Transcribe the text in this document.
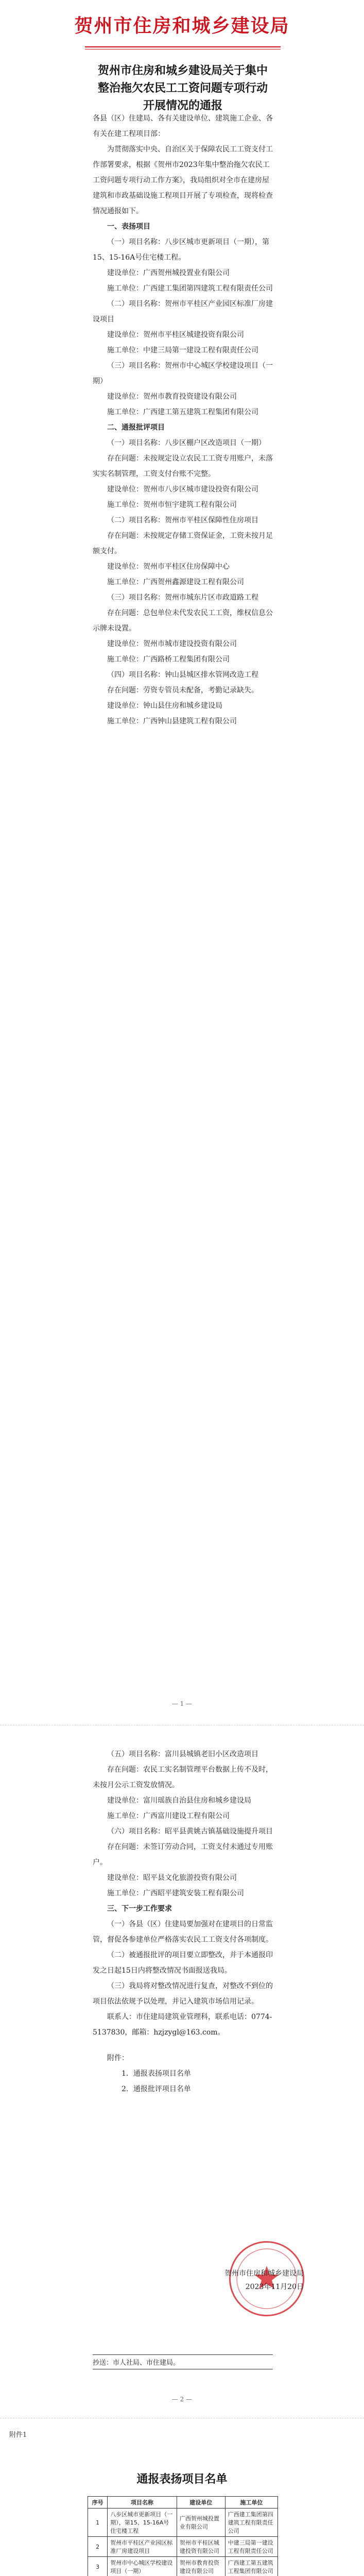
贺州市住房和城乡建设局
贺州市住房和城乡建设局关于集中整治拖欠农民工工资问题专项行动开展情况的通报

各县（区）住建局、各有关建设单位、建筑施工企业、各有关在建工程项目部：

为贯彻落实中央、自治区关于保障农民工工资支付工作部署要求，根据《贺州市2023年集中整治拖欠农民工工资问题专项行动工作方案》，我局组织对全市在建房屋建筑和市政基础设施工程项目开展了专项检查，现将检查情况通报如下。

一、表扬项目

（一）项目名称：八步区城市更新项目（一期），第15、15-16A号住宅楼工程。

建设单位：广西贺州城投置业有限公司

施工单位：广西建工集团第四建筑工程有限责任公司

（二）项目名称：贺州市平桂区产业园区标准厂房建设项目

建设单位：贺州市平桂区城建投资有限公司

施工单位：中建三局第一建设工程有限责任公司

（三）项目名称：贺州市中心城区学校建设项目（一期）

建设单位：贺州市教育投资建设有限公司

施工单位：广西建工第五建筑工程集团有限公司

二、通报批评项目

（一）项目名称：八步区棚户区改造项目（一期）

存在问题：未按规定设立农民工工资专用账户，未落实实名制管理，工资支付台账不完整。

建设单位：贺州市八步区城市建设投资有限公司

施工单位：贺州市恒宇建筑工程有限公司

（二）项目名称：贺州市平桂区保障性住房项目

存在问题：未按规定存储工资保证金，工资未按月足额支付。

建设单位：贺州市平桂区住房保障中心

施工单位：广西贺州鑫源建设工程有限公司

（三）项目名称：贺州市城东片区市政道路工程

存在问题：总包单位未代发农民工工资，维权信息公示牌未设置。

建设单位：贺州市城市建设投资有限公司

施工单位：广西路桥工程集团有限公司

（四）项目名称：钟山县城区排水管网改造工程

存在问题：劳资专管员未配备，考勤记录缺失。

建设单位：钟山县住房和城乡建设局

施工单位：广西钟山县建筑工程有限公司

— 1 —

（五）项目名称：富川县城镇老旧小区改造项目

存在问题：农民工实名制管理平台数据上传不及时，未按月公示工资发放情况。

建设单位：富川瑶族自治县住房和城乡建设局

施工单位：广西富川建设工程有限公司

（六）项目名称：昭平县黄姚古镇基础设施提升项目

存在问题：未签订劳动合同，工资支付未通过专用账户。

建设单位：昭平县文化旅游投资有限公司

施工单位：广西昭平建筑安装工程有限公司

三、下一步工作要求

（一）各县（区）住建局要加强对在建项目的日常监管，督促各参建单位严格落实农民工工资支付各项制度。

（二）被通报批评的项目要立即整改，并于本通报印发之日起15日内将整改情况书面报送我局。

（三）我局将对整改情况进行复查，对整改不到位的项目依法依规予以处理，并记入建筑市场信用记录。

联系人：市住建局建筑业管理科，联系电话：0774-5137830，邮箱：hzjzygl@163.com。

附件：

1．通报表扬项目名单

2．通报批评项目名单

贺州市住房和城乡建设局
2023年11月20日
抄送：市人社局、市住建局。
— 2 —
附件1
通报表扬项目名单
序号	项目名称	建设单位	施工单位
1	八步区城市更新项目（一期），第15、15-16A号住宅楼工程	广西贺州城投置业有限公司	广西建工集团第四建筑工程有限责任公司
2	贺州市平桂区产业园区标准厂房建设项目	贺州市平桂区城建投资有限公司	中建三局第一建设工程有限责任公司
3	贺州市中心城区学校建设项目（一期）	贺州市教育投资建设有限公司	广西建工第五建筑工程集团有限公司
